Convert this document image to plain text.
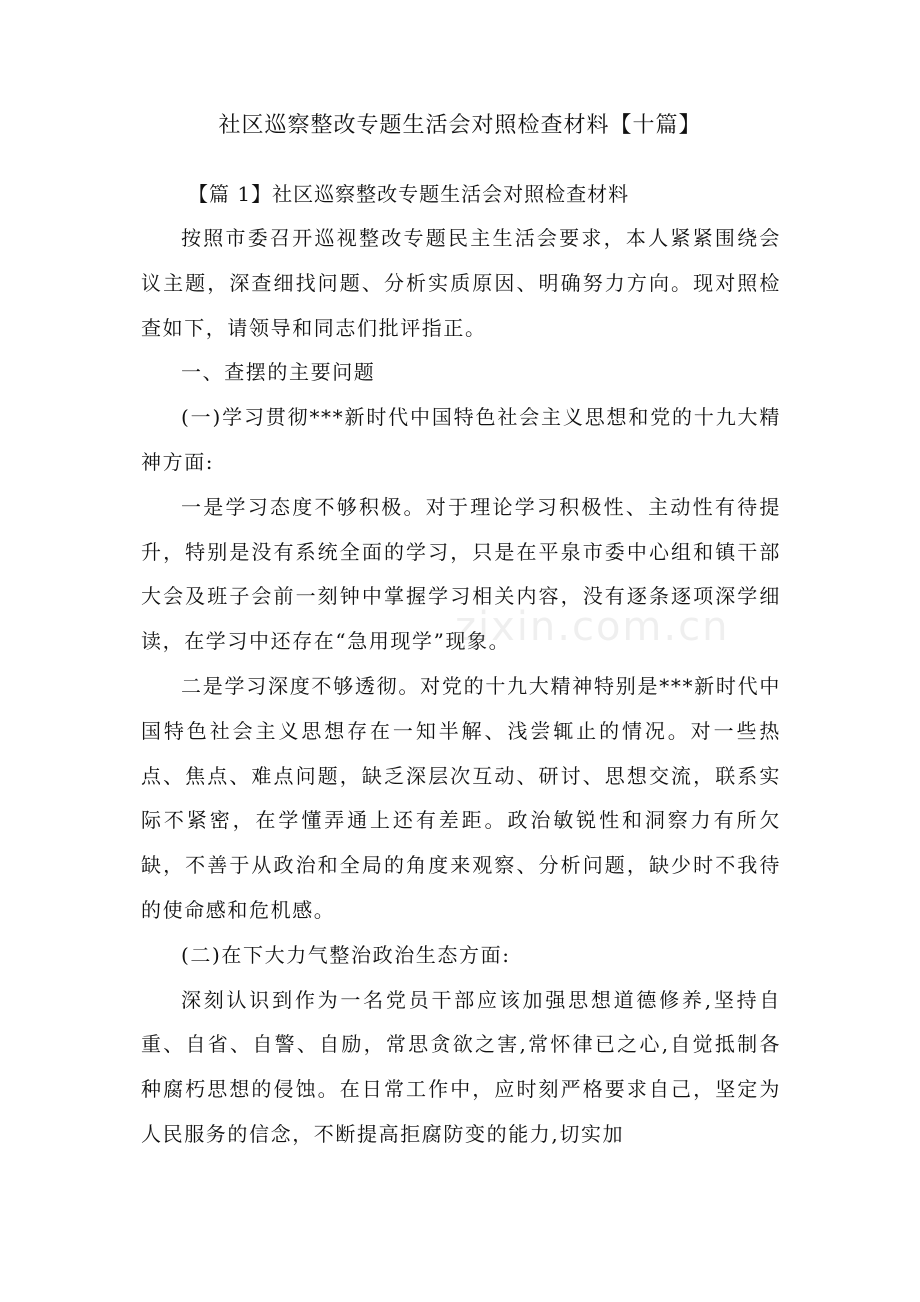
社区巡察整改专题生活会对照检查材料【十篇】
【篇 1】社区巡察整改专题生活会对照检查材料

按照市委召开巡视整改专题民主生活会要求，本人紧紧围绕会议主题，深查细找问题、分析实质原因、明确努力方向。现对照检查如下，请领导和同志们批评指正。

一、查摆的主要问题

(一)学习贯彻***新时代中国特色社会主义思想和党的十九大精神方面:

一是学习态度不够积极。对于理论学习积极性、主动性有待提升，特别是没有系统全面的学习，只是在平泉市委中心组和镇干部大会及班子会前一刻钟中掌握学习相关内容，没有逐条逐项深学细读，在学习中还存在“急用现学”现象。

二是学习深度不够透彻。对党的十九大精神特别是***新时代中国特色社会主义思想存在一知半解、浅尝辄止的情况。对一些热点、焦点、难点问题，缺乏深层次互动、研讨、思想交流，联系实际不紧密，在学懂弄通上还有差距。政治敏锐性和洞察力有所欠缺，不善于从政治和全局的角度来观察、分析问题，缺少时不我待的使命感和危机感。

(二)在下大力气整治政治生态方面:

深刻认识到作为一名党员干部应该加强思想道德修养,坚持自重、自省、自警、自励，常思贪欲之害,常怀律已之心,自觉抵制各种腐朽思想的侵蚀。在日常工作中，应时刻严格要求自己，坚定为人民服务的信念，不断提高拒腐防变的能力,切实加

zixin.com.cn
